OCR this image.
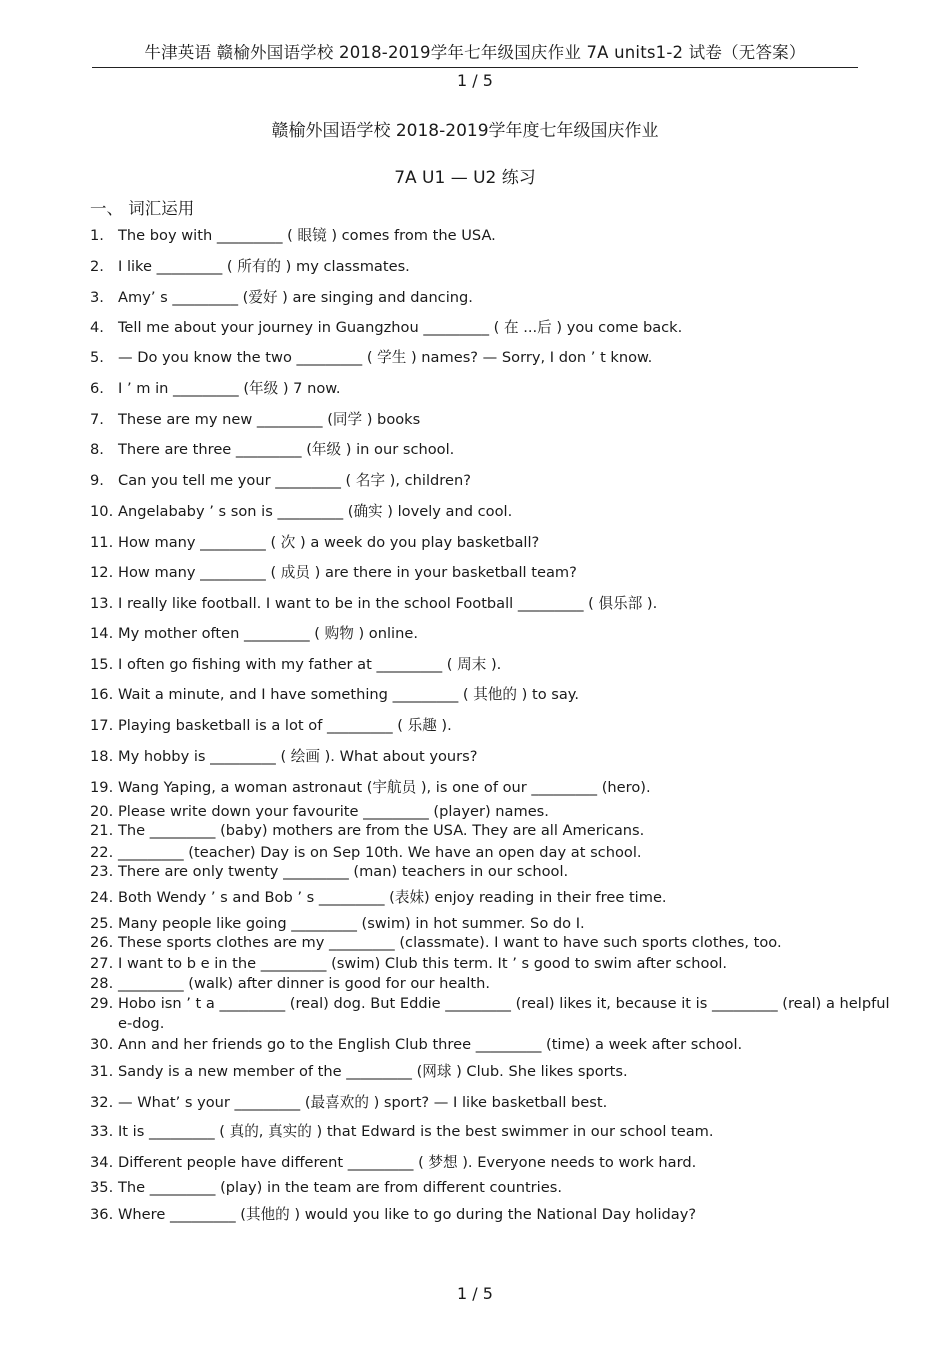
牛津英语 赣榆外国语学校 2018-2019学年七年级国庆作业 7A units1-2 试卷（无答案）
1 / 5
赣榆外国语学校 2018-2019学年度七年级国庆作业
7A U1 — U2 练习
一、 词汇运用
1. The boy with _________ ( 眼镜 ) comes from the USA.
2. I like _________ ( 所有的 ) my classmates.
3. Amy’ s _________ (爱好 ) are singing and dancing.
4. Tell me about your journey in Guangzhou _________ ( 在 ...后 ) you come back.
5. — Do you know the two _________ ( 学生 ) names? — Sorry, I don ’ t know.
6. I ’ m in _________ (年级 ) 7 now.
7. These are my new _________ (同学 ) books
8. There are three _________ (年级 ) in our school.
9. Can you tell me your _________ ( 名字 ), children?
10. Angelababy ’ s son is _________ (确实 ) lovely and cool.
11. How many _________ ( 次 ) a week do you play basketball?
12. How many _________ ( 成员 ) are there in your basketball team?
13. I really like football. I want to be in the school Football _________ ( 俱乐部 ).
14. My mother often _________ ( 购物 ) online.
15. I often go fishing with my father at _________ ( 周末 ).
16. Wait a minute, and I have something _________ ( 其他的 ) to say.
17. Playing basketball is a lot of _________ ( 乐趣 ).
18. My hobby is _________ ( 绘画 ). What about yours?
19. Wang Yaping, a woman astronaut (宇航员 ), is one of our _________ (hero).
20. Please write down your favourite _________ (player) names.
21. The _________ (baby) mothers are from the USA. They are all Americans.
22. _________ (teacher) Day is on Sep 10th. We have an open day at school.
23. There are only twenty _________ (man) teachers in our school.
24. Both Wendy ’ s and Bob ’ s _________ (表妹) enjoy reading in their free time.
25. Many people like going _________ (swim) in hot summer. So do I.
26. These sports clothes are my _________ (classmate). I want to have such sports clothes, too.
27. I want to b e in the _________ (swim) Club this term. It ’ s good to swim after school.
28. _________ (walk) after dinner is good for our health.
29. Hobo isn ’ t a _________ (real) dog. But Eddie _________ (real) likes it, because it is _________ (real) a helpful e-dog.
30. Ann and her friends go to the English Club three _________ (time) a week after school.
31. Sandy is a new member of the _________ (网球 ) Club. She likes sports.
32. — What’ s your _________ (最喜欢的 ) sport? — I like basketball best.
33. It is _________ ( 真的, 真实的 ) that Edward is the best swimmer in our school team.
34. Different people have different _________ ( 梦想 ). Everyone needs to work hard.
35. The _________ (play) in the team are from different countries.
36. Where _________ (其他的 ) would you like to go during the National Day holiday?
1 / 5
